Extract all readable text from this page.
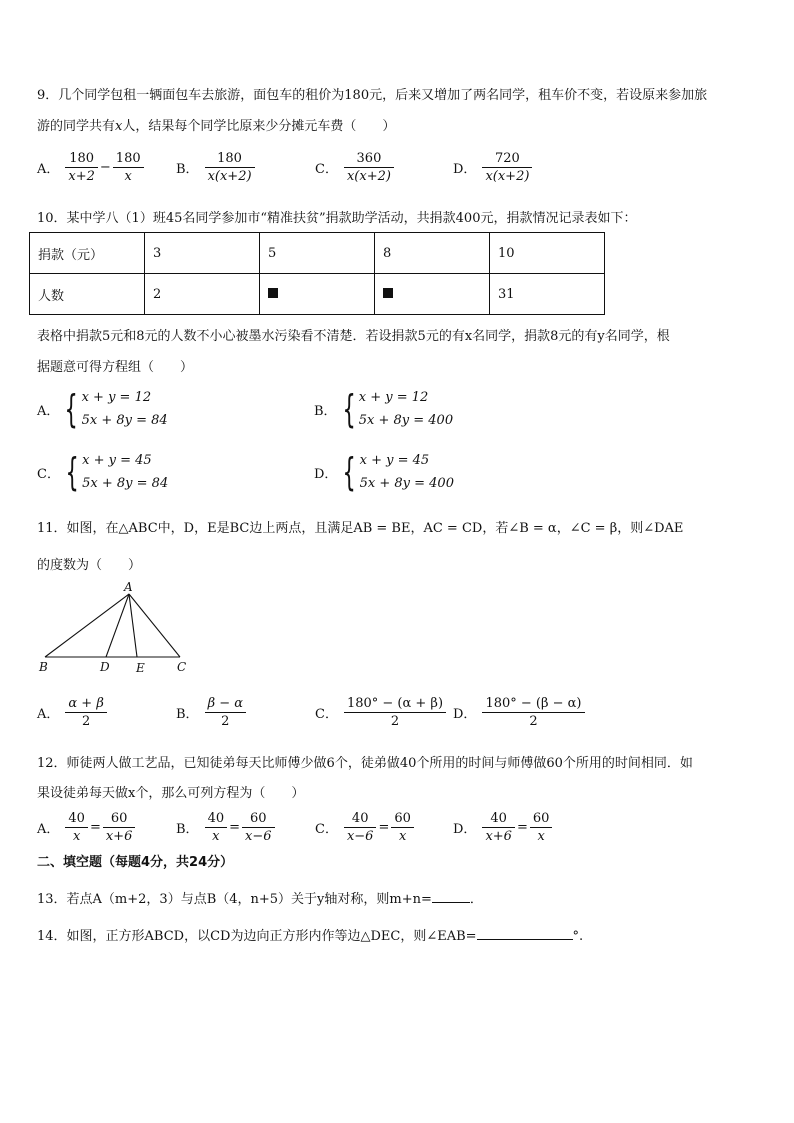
9．几个同学包租一辆面包车去旅游，面包车的租价为180元，后来又增加了两名同学，租车价不变，若设原来参加旅
游的同学共有x人，结果每个同学比原来少分摊元车费（　　）
A． $\frac{180}{x+2} - \frac{180}{x}$ B． $\frac{180}{x(x+2)}$	C． $\frac{360}{x(x+2)}$	D． $\frac{720}{x(x+2)}$
10．某中学八（1）班45名同学参加市“精准扶贫”捐款助学活动，共捐款400元，捐款情况记录表如下：
捐款（元）	3	5	8	10
人数	2			31
表格中捐款5元和8元的人数不小心被墨水污染看不清楚．若设捐款5元的有x名同学，捐款8元的有y名同学，根
据题意可得方程组（　　）
A． { x + y = 12
5x + 8y = 84
B． { x + y = 12
5x + 8y = 400
C． { x + y = 45
5x + 8y = 84
D． { x + y = 45
5x + 8y = 400
11．如图，在△ABC中，D，E是BC边上两点，且满足AB = BE，AC = CD，若∠B = α，∠C = β，则∠DAE
的度数为（　　）
A
B	D E	C
A． $\frac{\alpha + \beta}{2}$	B． $\frac{\beta - \alpha}{2}$	C． $\frac{180^\circ - (\alpha + \beta)}{2}$ D． $\frac{180^\circ - (\beta - \alpha)}{2}$
12．师徒两人做工艺品，已知徒弟每天比师傅少做6个，徒弟做40个所用的时间与师傅做60个所用的时间相同．如
果设徒弟每天做x个，那么可列方程为（　　）
A． $\frac{40}{x} = \frac{60}{x+6}$	B． $\frac{40}{x} = \frac{60}{x-6}$	C． $\frac{40}{x-6} = \frac{60}{x}$	D． $\frac{40}{x+6} = \frac{60}{x}$
二、填空题（每题4分，共24分）
13．若点A（m+2，3）与点B（4，n+5）关于y轴对称，则m+n=	．
14．如图，正方形ABCD，以CD为边向正方形内作等边△DEC，则∠EAB=	°.
